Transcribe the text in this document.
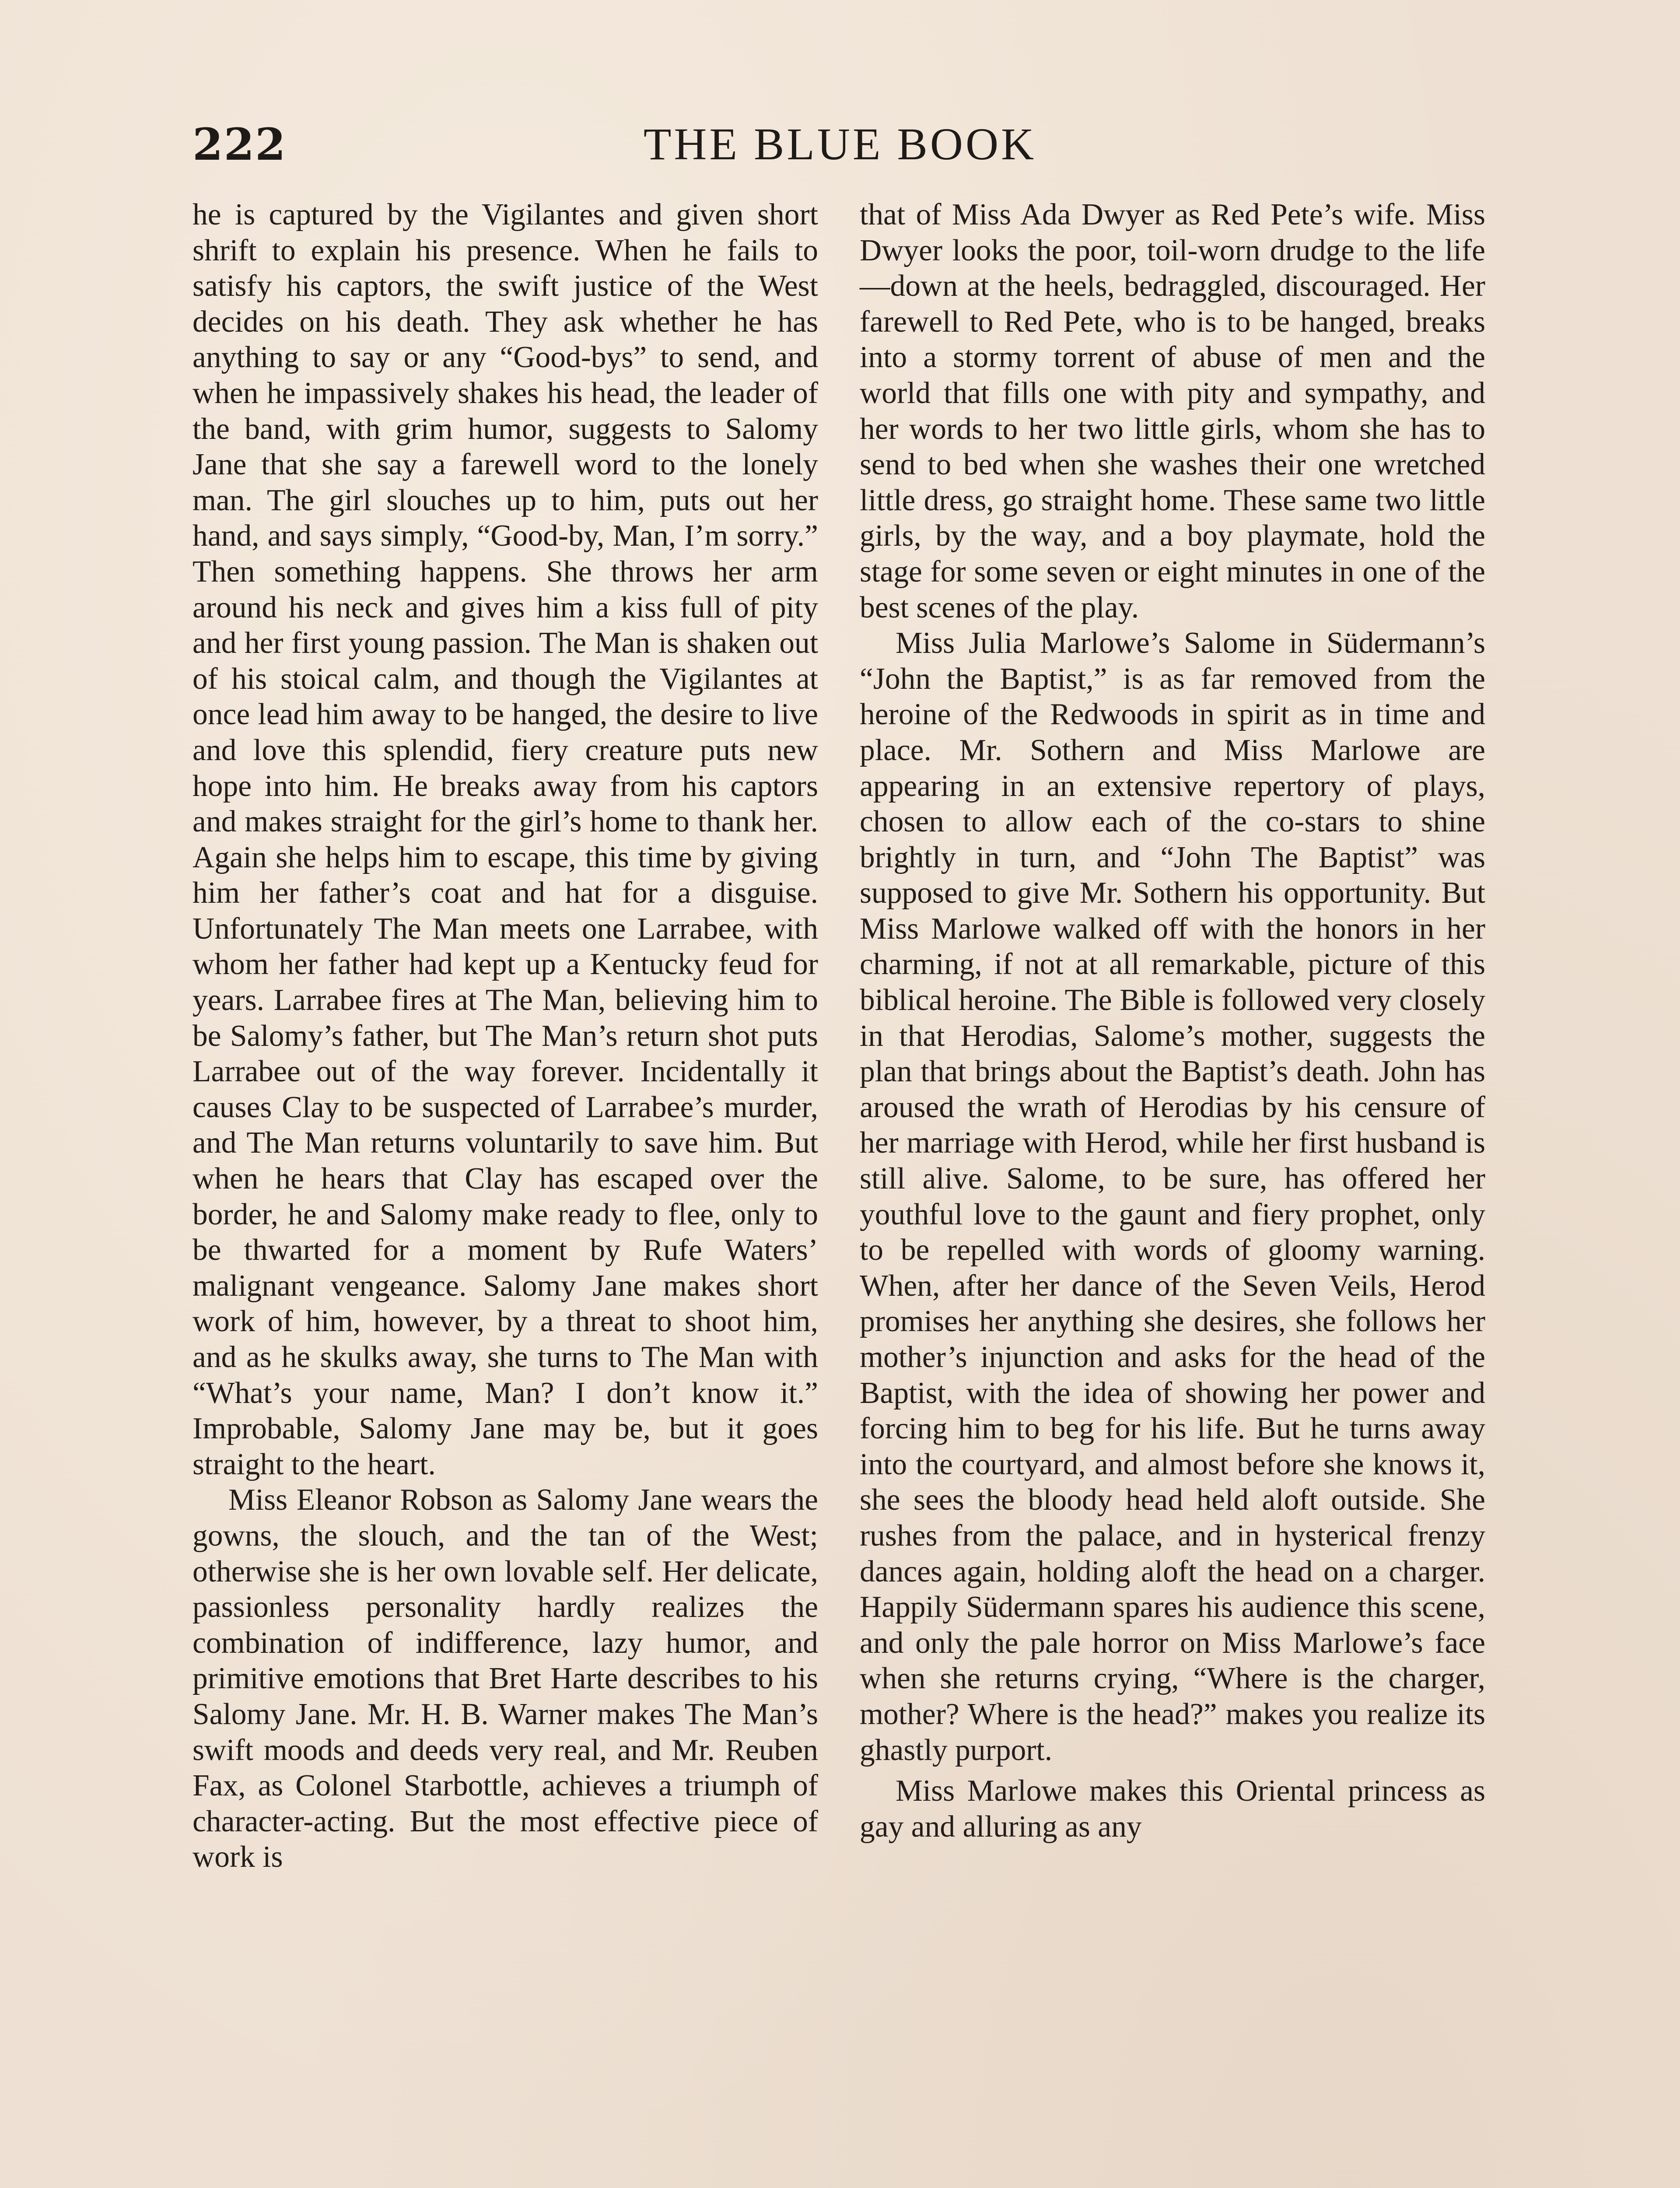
222	THE BLUE BOOK

he is captured by the Vigilantes and given short shrift to explain his presence. When he fails to satisfy his captors, the swift justice of the West decides on his death. They ask whether he has anything to say or any “Good-bys” to send, and when he impassively shakes his head, the leader of the band, with grim humor, suggests to Salomy Jane that she say a farewell word to the lonely man. The girl slouches up to him, puts out her hand, and says simply, “Good-by, Man, I’m sorry.” Then something happens. She throws her arm around his neck and gives him a kiss full of pity and her first young passion. The Man is shaken out of his stoical calm, and though the Vigilantes at once lead him away to be hanged, the desire to live and love this splendid, fiery creature puts new hope into him. He breaks away from his captors and makes straight for the girl’s home to thank her. Again she helps him to escape, this time by giving him her father’s coat and hat for a disguise. Unfortunately The Man meets one Larrabee, with whom her father had kept up a Kentucky feud for years. Larrabee fires at The Man, believing him to be Salomy’s father, but The Man’s return shot puts Larrabee out of the way forever. Incidentally it causes Clay to be suspected of Larrabee’s murder, and The Man returns voluntarily to save him. But when he hears that Clay has escaped over the border, he and Salomy make ready to flee, only to be thwarted for a moment by Rufe Waters’ malignant vengeance. Salomy Jane makes short work of him, however, by a threat to shoot him, and as he skulks away, she turns to The Man with “What’s your name, Man? I don’t know it.” Improbable, Salomy Jane may be, but it goes straight to the heart.

Miss Eleanor Robson as Salomy Jane wears the gowns, the slouch, and the tan of the West; otherwise she is her own lovable self. Her delicate, passionless personality hardly realizes the combination of indifference, lazy humor, and primitive emotions that Bret Harte describes to his Salomy Jane. Mr. H. B. Warner makes The Man’s swift moods and deeds very real, and Mr. Reuben Fax, as Colonel Starbottle, achieves a triumph of character-acting. But the most effective piece of work is

that of Miss Ada Dwyer as Red Pete’s wife. Miss Dwyer looks the poor, toil-worn drudge to the life—down at the heels, bedraggled, discouraged. Her farewell to Red Pete, who is to be hanged, breaks into a stormy torrent of abuse of men and the world that fills one with pity and sympathy, and her words to her two little girls, whom she has to send to bed when she washes their one wretched little dress, go straight home. These same two little girls, by the way, and a boy playmate, hold the stage for some seven or eight minutes in one of the best scenes of the play.

Miss Julia Marlowe’s Salome in Südermann’s “John the Baptist,” is as far removed from the heroine of the Redwoods in spirit as in time and place. Mr. Sothern and Miss Marlowe are appearing in an extensive repertory of plays, chosen to allow each of the co-stars to shine brightly in turn, and “John The Baptist” was supposed to give Mr. Sothern his opportunity. But Miss Marlowe walked off with the honors in her charming, if not at all remarkable, picture of this biblical heroine. The Bible is followed very closely in that Herodias, Salome’s mother, suggests the plan that brings about the Baptist’s death. John has aroused the wrath of Herodias by his censure of her marriage with Herod, while her first husband is still alive. Salome, to be sure, has offered her youthful love to the gaunt and fiery prophet, only to be repelled with words of gloomy warning. When, after her dance of the Seven Veils, Herod promises her anything she desires, she follows her mother’s injunction and asks for the head of the Baptist, with the idea of showing her power and forcing him to beg for his life. But he turns away into the courtyard, and almost before she knows it, she sees the bloody head held aloft outside. She rushes from the palace, and in hysterical frenzy dances again, holding aloft the head on a charger. Happily Südermann spares his audience this scene, and only the pale horror on Miss Marlowe’s face when she returns crying, “Where is the charger, mother? Where is the head?” makes you realize its ghastly purport.

Miss Marlowe makes this Oriental princess as gay and alluring as any
